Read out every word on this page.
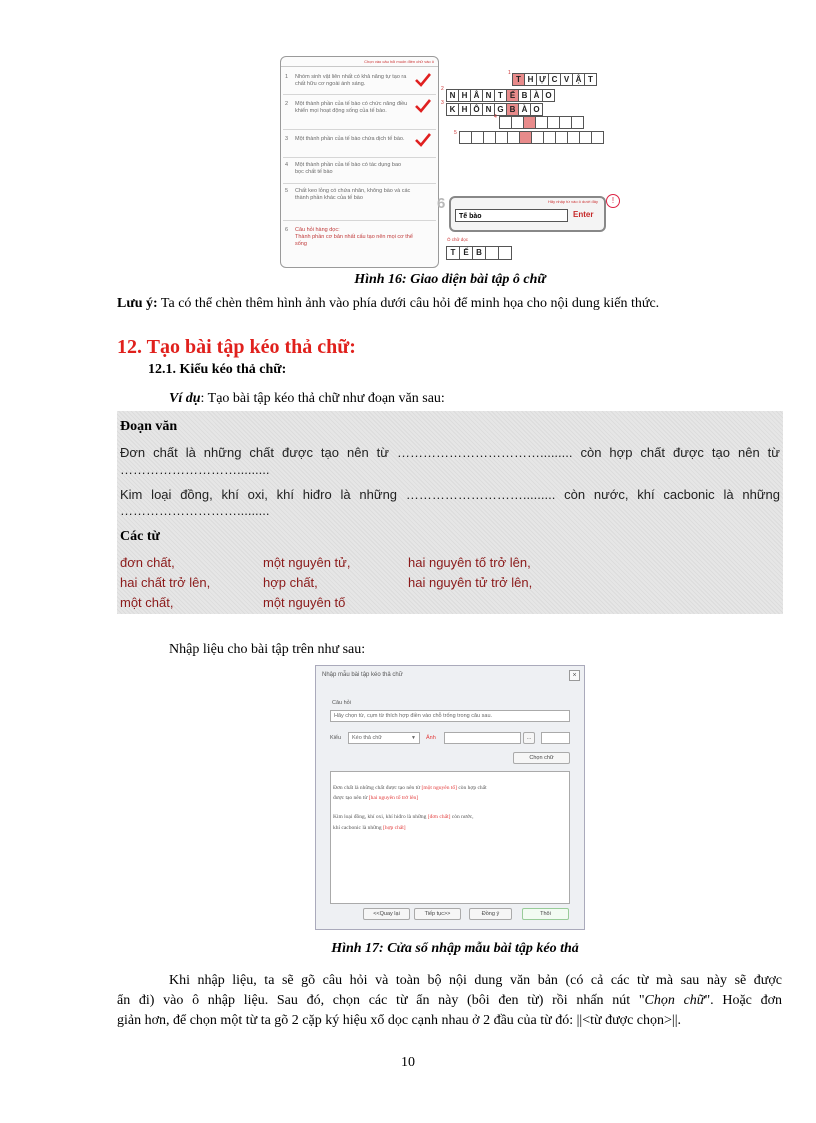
Chọn vào câu hỏi muốn điền chữ vào ô
1 Nhóm sinh vật liên nhất có khả năng tự tạo ra chất hữu cơ ngoài ánh sáng.
2 Một thành phần của tế bào có chức năng điều khiển mọi hoạt động sống của tế bào.
3 Một thành phần của tế bào chứa dịch tế bào.
4 Một thành phần của tế bào có tác dụng bao bọc chất tế bào
5 Chất keo lỏng có chứa nhân, không bào và các thành phần khác của tế bào
6 Câu hỏi hàng dọc:
Thành phần cơ bản nhất cấu tạo nên mọi cơ thể sống
1
T H Ự C V Ậ T
2
N H Â N T Ế B À O
3
K H Ô N G B À O
4
5
6	Hãy nhập từ vào ô dưới đây
Tế bào	Enter
!
Ô chữ dọc
T Ế B
Hình 16: Giao diện bài tập ô chữ
Lưu ý: Ta có thể chèn thêm hình ảnh vào phía dưới câu hỏi để minh họa cho nội dung kiến thức.
12. Tạo bài tập kéo thả chữ:
12.1. Kiểu kéo thả chữ:
Ví dụ: Tạo bài tập kéo thả chữ như đoạn văn sau:
Đoạn văn
Đơn chất là những chất được tạo nên từ ……………………………......... còn hợp chất được tạo nên từ
……………………….........
Kim loại đồng, khí oxi, khí hiđro là những ………………………......... còn nước, khí cacbonic là những
……………………….........
Các từ
đơn chất,	một nguyên tử,	hai nguyên tố trở lên,
hai chất trở lên,	hợp chất,	hai nguyên tử trở lên,
một chất,	một nguyên tố
Nhập liệu cho bài tập trên như sau:
Nhập mẫu bài tập kéo thả chữ	×
Câu hỏi
Hãy chọn từ, cụm từ thích hợp điền vào chỗ trống trong câu sau.
Kiểu	Kéo thả chữ	▼ Ảnh	...
Chọn chữ
<<Quay lại	Tiếp tục>>	Đồng ý	Thôi
Đơn chất là những chất được tạo nên từ [một nguyên tố] còn hợp chất
được tạo nên từ [hai nguyên tố trở lên]
Kim loại đồng, khí oxi, khí hiđro là những [đơn chất] còn nước,
khí cacbonic là những [hợp chất]
Hình 17: Cửa sổ nhập mẫu bài tập kéo thả
Khi nhập liệu, ta sẽ gõ câu hỏi và toàn bộ nội dung văn bản (có cả các từ mà sau này sẽ được
ẩn đi) vào ô nhập liệu. Sau đó, chọn các từ ẩn này (bôi đen từ) rồi nhấn nút "Chọn chữ". Hoặc đơn
giản hơn, để chọn một từ ta gõ 2 cặp ký hiệu xổ dọc cạnh nhau ở 2 đầu của từ đó: ||<từ được chọn>||.
10
